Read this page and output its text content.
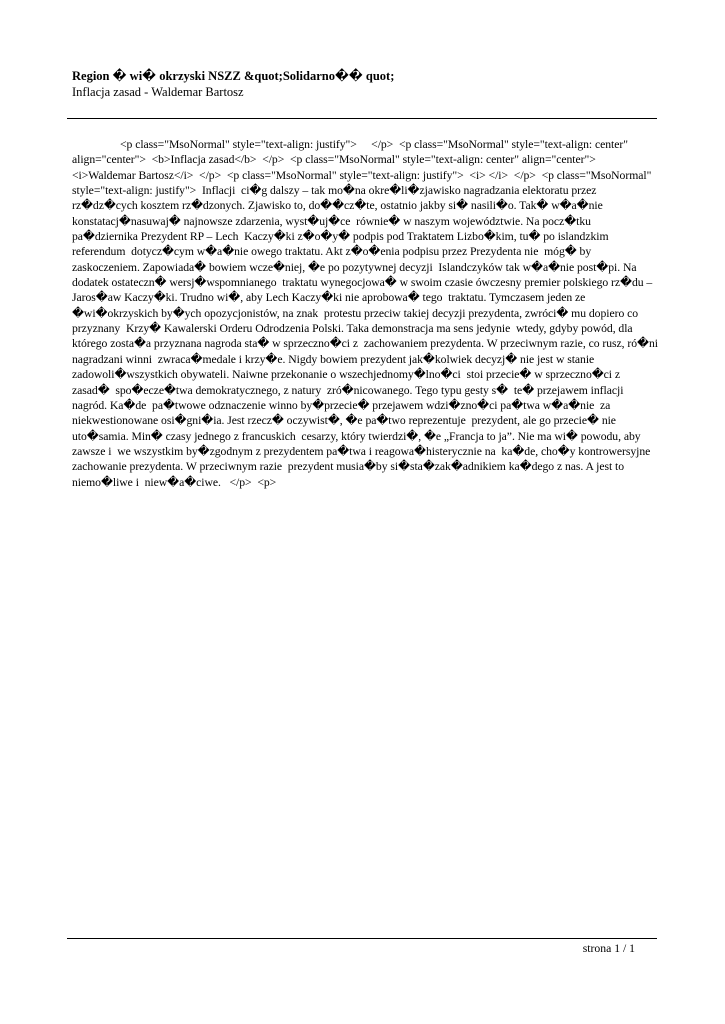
Region � wi� okrzyski NSZZ &quot;Solidarno�� quot;
Inflacja zasad - Waldemar Bartosz
<p class="MsoNormal" style="text-align: justify">     </p>  <p class="MsoNormal" style="text-align: center" align="center">  <b>Inflacja zasad</b>  </p>  <p class="MsoNormal" style="text-align: center" align="center">  <i>Waldemar Bartosz</i>  </p>  <p class="MsoNormal" style="text-align: justify">  <i> </i>  </p>  <p class="MsoNormal" style="text-align: justify">  Inflacji  ci�g dalszy – tak mo�na okre�li�zjawisko nagradzania elektoratu przez  rz�dz�cych kosztem rz�dzonych. Zjawisko to, do��cz�te, ostatnio jakby si� nasili�o. Tak� w�a�nie konstatacj�nasuwaj� najnowsze zdarzenia, wyst�uj�ce  równie� w naszym województwie. Na pocz�tku pa�dziernika Prezydent RP – Lech  Kaczy�ki z�o�y� podpis pod Traktatem Lizbo�kim, tu� po islandzkim referendum  dotycz�cym w�a�nie owego traktatu. Akt z�o�enia podpisu przez Prezydenta nie  móg� by zaskoczeniem. Zapowiada� bowiem wcze�niej, �e po pozytywnej decyzji  Islandczyków tak w�a�nie post�pi. Na dodatek ostateczn� wersj�wspomnianego  traktatu wynegocjowa� w swoim czasie ówczesny premier polskiego rz�du –  Jaros�aw Kaczy�ki. Trudno wi�, aby Lech Kaczy�ki nie aprobowa� tego  traktatu. Tymczasem jeden ze �wi�okrzyskich by�ych opozycjonistów, na znak  protestu przeciw takiej decyzji prezydenta, zwróci� mu dopiero co przyznany  Krzy� Kawalerski Orderu Odrodzenia Polski. Taka demonstracja ma sens jedynie  wtedy, gdyby powód, dla którego zosta�a przyznana nagroda sta� w sprzeczno�ci z  zachowaniem prezydenta. W przeciwnym razie, co rusz, ró�ni nagradzani winni  zwraca�medale i krzy�e. Nigdy bowiem prezydent jak�kolwiek decyzj� nie jest w stanie zadowoli�wszystkich obywateli. Naiwne przekonanie o wszechjednomy�lno�ci  stoi przecie� w sprzeczno�ci z zasad�  spo�ecze�twa demokratycznego, z natury  zró�nicowanego. Tego typu gesty s�  te� przejawem inflacji nagród. Ka�de  pa�twowe odznaczenie winno by�przecie� przejawem wdzi�zno�ci pa�twa w�a�nie  za niekwestionowane osi�gni�ia. Jest rzecz� oczywist�, �e pa�two reprezentuje  prezydent, ale go przecie� nie uto�samia. Min� czasy jednego z francuskich  cesarzy, który twierdzi�, �e „Francja to ja”. Nie ma wi� powodu, aby zawsze i  we wszystkim by�zgodnym z prezydentem pa�twa i reagowa�histerycznie na  ka�de, cho�y kontrowersyjne zachowanie prezydenta. W przeciwnym razie  prezydent musia�by si�sta�zak�adnikiem ka�dego z nas. A jest to niemo�liwe i  niew�a�ciwe.   </p>  <p>
strona 1 / 1
